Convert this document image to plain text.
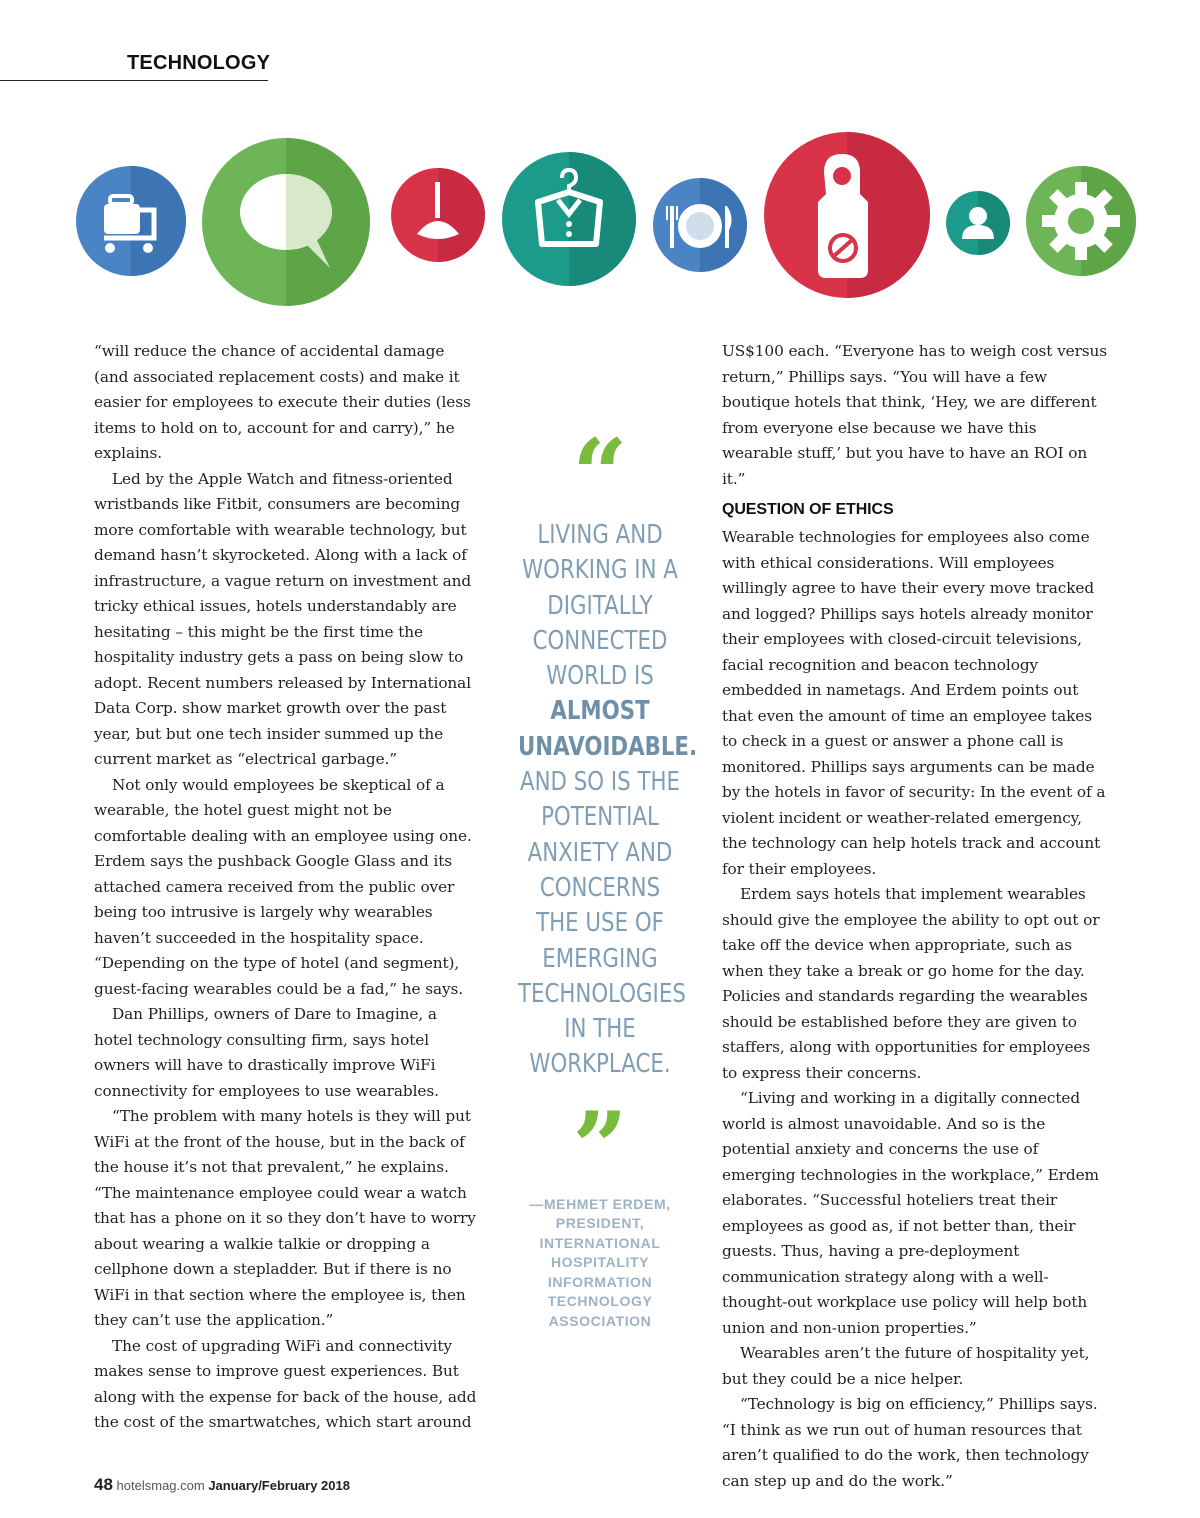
TECHNOLOGY

“will reduce the chance of accidental damage (and associated replacement costs) and make it easier for employees to execute their duties (less items to hold on to, account for and carry),” he explains.

Led by the Apple Watch and fitness-oriented wristbands like Fitbit, consumers are becoming more comfortable with wearable technology, but demand hasn’t skyrocketed. Along with a lack of infrastructure, a vague return on investment and tricky ethical issues, hotels understandably are hesitating – this might be the first time the hospitality industry gets a pass on being slow to adopt. Recent numbers released by International Data Corp. show market growth over the past year, but but one tech insider summed up the current market as “electrical garbage.”

Not only would employees be skeptical of a wearable, the hotel guest might not be comfortable dealing with an employee using one. Erdem says the pushback Google Glass and its attached camera received from the public over being too intrusive is largely why wearables haven’t succeeded in the hospitality space. “Depending on the type of hotel (and segment), guest-facing wearables could be a fad,” he says.

Dan Phillips, owners of Dare to Imagine, a hotel technology consulting firm, says hotel owners will have to drastically improve WiFi connectivity for employees to use wearables.

“The problem with many hotels is they will put WiFi at the front of the house, but in the back of the house it’s not that prevalent,” he explains. “The maintenance employee could wear a watch that has a phone on it so they don’t have to worry about wearing a walkie talkie or dropping a cellphone down a stepladder. But if there is no WiFi in that section where the employee is, then they can’t use the application.”

The cost of upgrading WiFi and connectivity makes sense to improve guest experiences. But along with the expense for back of the house, add the cost of the smartwatches, which start around

“
LIVING AND WORKING IN A DIGITALLY CONNECTED WORLD IS ALMOST UNAVOIDABLE. AND SO IS THE POTENTIAL ANXIETY AND CONCERNS THE USE OF EMERGING TECHNOLOGIES IN THE WORKPLACE.
”
—MEHMET ERDEM, PRESIDENT, INTERNATIONAL HOSPITALITY INFORMATION TECHNOLOGY ASSOCIATION

US$100 each. “Everyone has to weigh cost versus return,” Phillips says. “You will have a few boutique hotels that think, ‘Hey, we are different from everyone else because we have this wearable stuff,’ but you have to have an ROI on it.”

QUESTION OF ETHICS

Wearable technologies for employees also come with ethical considerations. Will employees willingly agree to have their every move tracked and logged? Phillips says hotels already monitor their employees with closed-circuit televisions, facial recognition and beacon technology embedded in nametags. And Erdem points out that even the amount of time an employee takes to check in a guest or answer a phone call is monitored. Phillips says arguments can be made by the hotels in favor of security: In the event of a violent incident or weather-related emergency, the technology can help hotels track and account for their employees.

Erdem says hotels that implement wearables should give the employee the ability to opt out or take off the device when appropriate, such as when they take a break or go home for the day. Policies and standards regarding the wearables should be established before they are given to staffers, along with opportunities for employees to express their concerns.

“Living and working in a digitally connected world is almost unavoidable. And so is the potential anxiety and concerns the use of emerging technologies in the workplace,” Erdem elaborates. “Successful hoteliers treat their employees as good as, if not better than, their guests. Thus, having a pre-deployment communication strategy along with a well-thought-out workplace use policy will help both union and non-union properties.”

Wearables aren’t the future of hospitality yet, but they could be a nice helper.

“Technology is big on efficiency,” Phillips says. “I think as we run out of human resources that aren’t qualified to do the work, then technology can step up and do the work.”

48 hotelsmag.com January/February 2018
